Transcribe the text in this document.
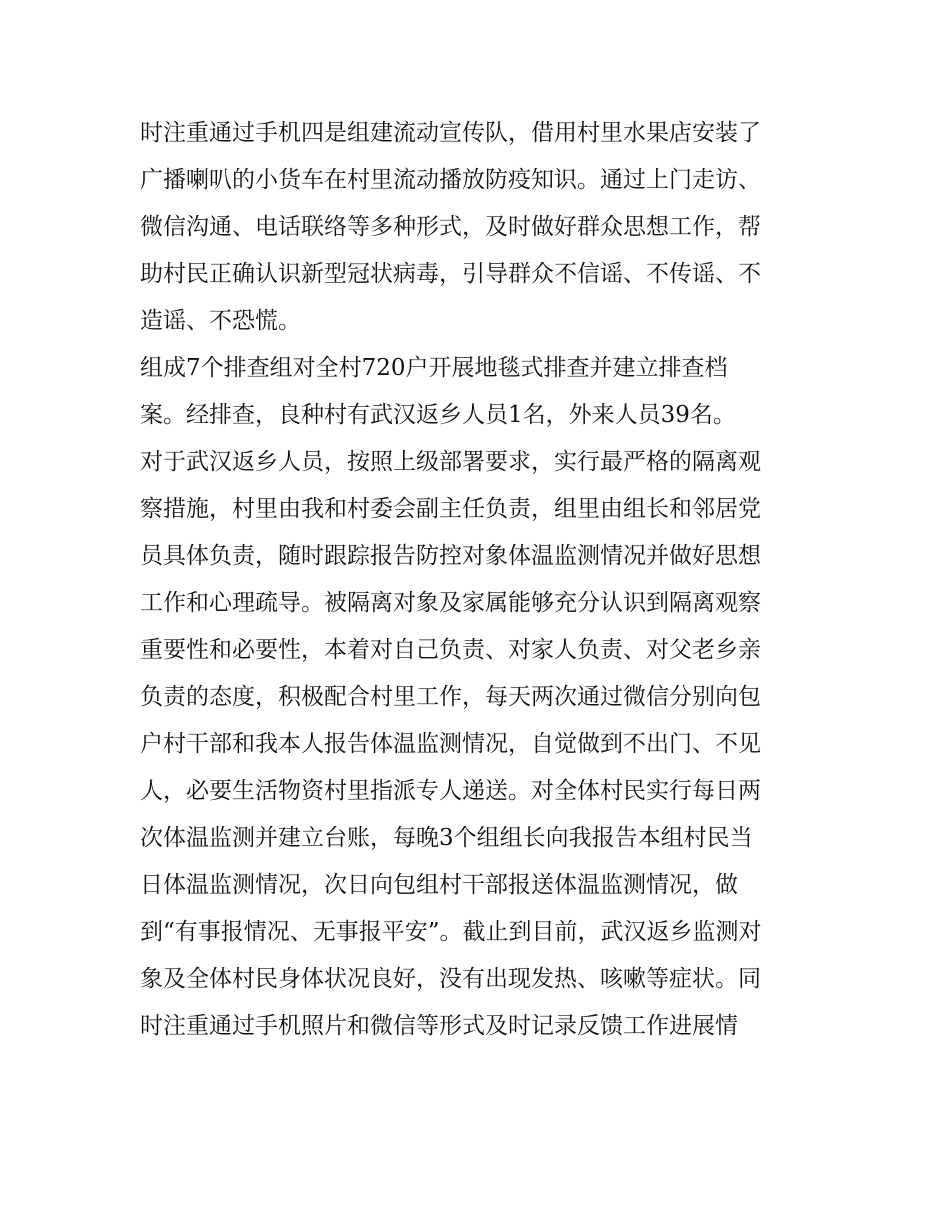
时注重通过手机四是组建流动宣传队，借用村里水果店安装了
广播喇叭的小货车在村里流动播放防疫知识。通过上门走访、
微信沟通、电话联络等多种形式，及时做好群众思想工作，帮
助村民正确认识新型冠状病毒，引导群众不信谣、不传谣、不
造谣、不恐慌。
组成7个排查组对全村720户开展地毯式排查并建立排查档
案。经排查，良种村有武汉返乡人员1名，外来人员39名。
对于武汉返乡人员，按照上级部署要求，实行最严格的隔离观
察措施，村里由我和村委会副主任负责，组里由组长和邻居党
员具体负责，随时跟踪报告防控对象体温监测情况并做好思想
工作和心理疏导。被隔离对象及家属能够充分认识到隔离观察
重要性和必要性，本着对自己负责、对家人负责、对父老乡亲
负责的态度，积极配合村里工作，每天两次通过微信分别向包
户村干部和我本人报告体温监测情况，自觉做到不出门、不见
人，必要生活物资村里指派专人递送。对全体村民实行每日两
次体温监测并建立台账，每晚3个组组长向我报告本组村民当
日体温监测情况，次日向包组村干部报送体温监测情况，做
到“有事报情况、无事报平安”。截止到目前，武汉返乡监测对
象及全体村民身体状况良好，没有出现发热、咳嗽等症状。同
时注重通过手机照片和微信等形式及时记录反馈工作进展情
